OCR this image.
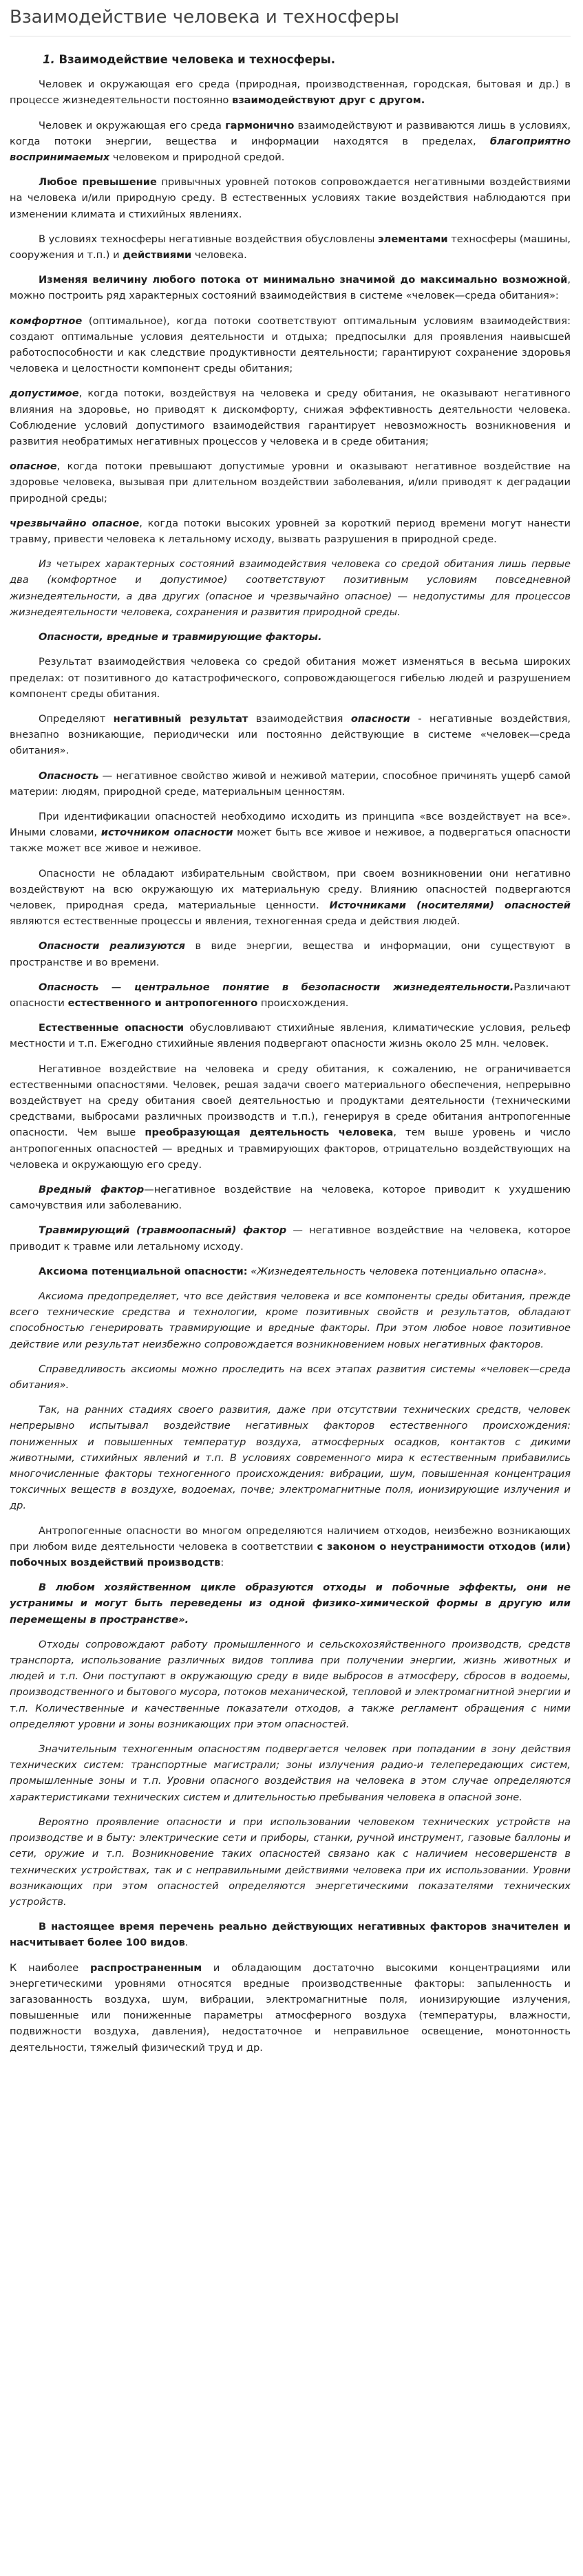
Взаимодействие человека и техносферы

1. Взаимодействие человека и техносферы.

Человек и окружающая его среда (природная, производственная, городская, бытовая и др.) в процессе жизнедеятельности постоянно взаимодействуют друг с другом.

Человек и окружающая его среда гармонично взаимодействуют и развиваются лишь в условиях, когда потоки энергии, вещества и информации находятся в пределах, благоприятно воспринимаемых человеком и природной средой.

Любое превышение привычных уровней потоков сопровождается негативными воздействиями на человека и/или природную среду. В естественных условиях такие воздействия наблюдаются при изменении климата и стихийных явлениях.

В условиях техносферы негативные воздействия обусловлены элементами техносферы (машины, сооружения и т.п.) и действиями человека.

Изменяя величину любого потока от минимально значимой до максимально возможной, можно построить ряд характерных состояний взаимодействия в системе «человек—среда обитания»:

комфортное (оптимальное), когда потоки соответствуют оптимальным условиям взаимодействия: создают оптимальные условия деятельности и отдыха; предпосылки для проявления наивысшей работоспособности и как следствие продуктивности деятельности; гарантируют сохранение здоровья человека и целостности компонент среды обитания;

допустимое, когда потоки, воздействуя на человека и среду обитания, не оказывают негативного влияния на здоровье, но приводят к дискомфорту, снижая эффективность деятельности человека. Соблюдение условий допустимого взаимодействия гарантирует невозможность возникновения и развития необратимых негативных процессов у человека и в среде обитания;

опасное, когда потоки превышают допустимые уровни и оказывают негативное воздействие на здоровье человека, вызывая при длительном воздействии заболевания, и/или приводят к деградации природной среды;

чрезвычайно опасное, когда потоки высоких уровней за короткий период времени могут нанести травму, привести человека к летальному исходу, вызвать разрушения в природной среде.

Из четырех характерных состояний взаимодействия человека со средой обитания лишь первые два (комфортное и допустимое) соответствуют позитивным условиям повседневной жизнедеятельности, а два других (опасное и чрезвычайно опасное) — недопустимы для процессов жизнедеятельности человека, сохранения и развития природной среды.

Опасности, вредные и травмирующие факторы.

Результат взаимодействия человека со средой обитания может изменяться в весьма широких пределах: от позитивного до катастрофического, сопровождающегося гибелью людей и разрушением компонент среды обитания.

Определяют негативный результат взаимодействия опасности - негативные воздействия, внезапно возникающие, периодически или постоянно действующие в системе «человек—среда обитания».

Опасность — негативное свойство живой и неживой материи, способное причинять ущерб самой материи: людям, природной среде, материальным ценностям.

При идентификации опасностей необходимо исходить из принципа «все воздействует на все». Иными словами, источником опасности может быть все живое и неживое, а подвергаться опасности также может все живое и неживое.

Опасности не обладают избирательным свойством, при своем возникновении они негативно воздействуют на всю окружающую их материальную среду. Влиянию опасностей подвергаются человек, природная среда, материальные ценности. Источниками (носителями) опасностей являются естественные процессы и явления, техногенная среда и действия людей.

Опасности реализуются в виде энергии, вещества и информации, они существуют в пространстве и во времени.

Опасность — центральное понятие в безопасности жизнедеятельности.Различают опасности естественного и антропогенного происхождения.

Естественные опасности обусловливают стихийные явления, климатические условия, рельеф местности и т.п. Ежегодно стихийные явления подвергают опасности жизнь около 25 млн. человек.

Негативное воздействие на человека и среду обитания, к сожалению, не ограничивается естественными опасностями. Человек, решая задачи своего материального обеспечения, непрерывно воздействует на среду обитания своей деятельностью и продуктами деятельности (техническими средствами, выбросами различных производств и т.п.), генерируя в среде обитания антропогенные опасности. Чем выше преобразующая деятельность человека, тем выше уровень и число антропогенных опасностей — вредных и травмирующих факторов, отрицательно воздействующих на человека и окружающую его среду.

Вредный фактор—негативное воздействие на человека, которое приводит к ухудшению самочувствия или заболеванию.

Травмирующий (травмоопасный) фактор — негативное воздействие на человека, которое приводит к травме или летальному исходу.

Аксиома потенциальной опасности: «Жизнедеятельность человека потенциально опасна».

Аксиома предопределяет, что все действия человека и все компоненты среды обитания, прежде всего технические средства и технологии, кроме позитивных свойств и результатов, обладают способностью генерировать травмирующие и вредные факторы. При этом любое новое позитивное действие или результат неизбежно сопровождается возникновением новых негативных факторов.

Справедливость аксиомы можно проследить на всех этапах развития системы «человек—среда обитания».

Так, на ранних стадиях своего развития, даже при отсутствии технических средств, человек непрерывно испытывал воздействие негативных факторов естественного происхождения: пониженных и повышенных температур воздуха, атмосферных осадков, контактов с дикими животными, стихийных явлений и т.п. В условиях современного мира к естественным прибавились многочисленные факторы техногенного происхождения: вибрации, шум, повышенная концентрация токсичных веществ в воздухе, водоемах, почве; электромагнитные поля, ионизирующие излучения и др.

Антропогенные опасности во многом определяются наличием отходов, неизбежно возникающих при любом виде деятельности человека в соответствии с законом о неустранимости отходов (или) побочных воздействий производств:

В любом хозяйственном цикле образуются отходы и побочные эффекты, они не устранимы и могут быть переведены из одной физико-химической формы в другую или перемещены в пространстве».

Отходы сопровождают работу промышленного и сельскохозяйственного производств, средств транспорта, использование различных видов топлива при получении энергии, жизнь животных и людей и т.п. Они поступают в окружающую среду в виде выбросов в атмосферу, сбросов в водоемы, производственного и бытового мусора, потоков механической, тепловой и электромагнитной энергии и т.п. Количественные и качественные показатели отходов, а также регламент обращения с ними определяют уровни и зоны возникающих при этом опасностей.

Значительным техногенным опасностям подвергается человек при попадании в зону действия технических систем: транспортные магистрали; зоны излучения радио-и телепередающих систем, промышленные зоны и т.п. Уровни опасного воздействия на человека в этом случае определяются характеристиками технических систем и длительностью пребывания человека в опасной зоне.

Вероятно проявление опасности и при использовании человеком технических устройств на производстве и в быту: электрические сети и приборы, станки, ручной инструмент, газовые баллоны и сети, оружие и т.п. Возникновение таких опасностей связано как с наличием несовершенств в технических устройствах, так и с неправильными действиями человека при их использовании. Уровни возникающих при этом опасностей определяются энергетическими показателями технических устройств.

В настоящее время перечень реально действующих негативных факторов значителен и насчитывает более 100 видов.

К наиболее распространенным и обладающим достаточно высокими концентрациями или энергетическими уровнями относятся вредные производственные факторы: запыленность и загазованность воздуха, шум, вибрации, электромагнитные поля, ионизирующие излучения, повышенные или пониженные параметры атмосферного воздуха (температуры, влажности, подвижности воздуха, давления), недостаточное и неправильное освещение, монотонность деятельности, тяжелый физический труд и др.
